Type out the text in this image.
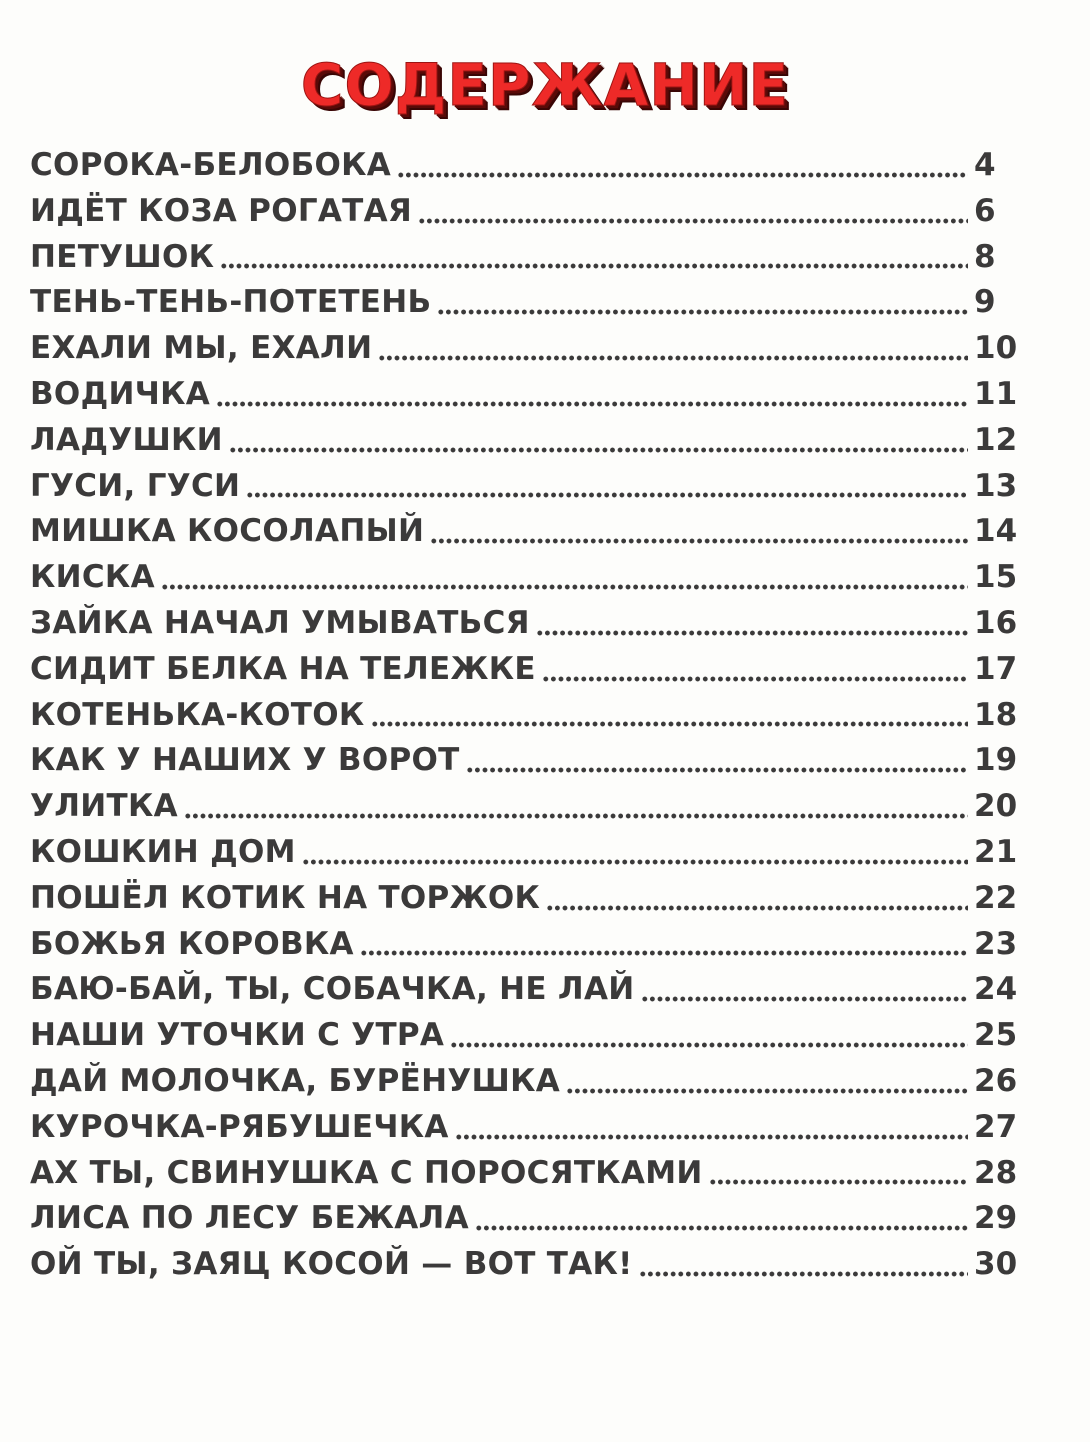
СОДЕРЖАНИЕ
СОРОКА-БЕЛОБОКА	4
ИДЁТ КОЗА РОГАТАЯ	6
ПЕТУШОК	8
ТЕНЬ-ТЕНЬ-ПОТЕТЕНЬ	9
ЕХАЛИ МЫ, ЕХАЛИ	10
ВОДИЧКА	11
ЛАДУШКИ	12
ГУСИ, ГУСИ	13
МИШКА КОСОЛАПЫЙ	14
КИСКА	15
ЗАЙКА НАЧАЛ УМЫВАТЬСЯ	16
СИДИТ БЕЛКА НА ТЕЛЕЖКЕ	17
КОТЕНЬКА-КОТОК	18
КАК У НАШИХ У ВОРОТ	19
УЛИТКА	20
КОШКИН ДОМ	21
ПОШЁЛ КОТИК НА ТОРЖОК	22
БОЖЬЯ КОРОВКА	23
БАЮ-БАЙ, ТЫ, СОБАЧКА, НЕ ЛАЙ	24
НАШИ УТОЧКИ С УТРА	25
ДАЙ МОЛОЧКА, БУРЁНУШКА	26
КУРОЧКА-РЯБУШЕЧКА	27
АХ ТЫ, СВИНУШКА С ПОРОСЯТКАМИ	28
ЛИСА ПО ЛЕСУ БЕЖАЛА	29
ОЙ ТЫ, ЗАЯЦ КОСОЙ — ВОТ ТАК!	30
